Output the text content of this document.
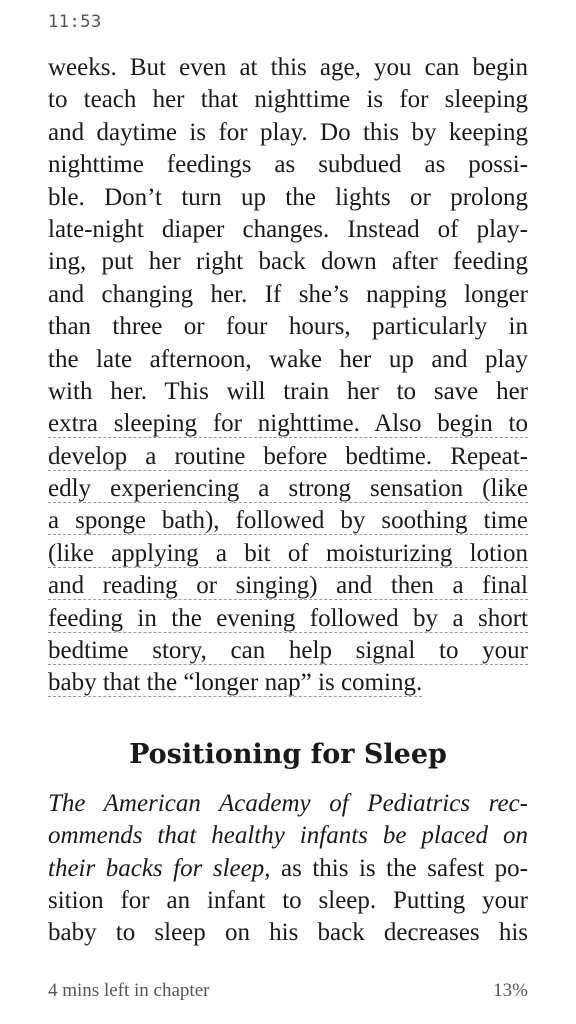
11:53
weeks. But even at this age, you can begin
to teach her that nighttime is for sleeping
and daytime is for play. Do this by keeping
nighttime feedings as subdued as possi-
ble. Don’t turn up the lights or prolong
late-night diaper changes. Instead of play-
ing, put her right back down after feeding
and changing her. If she’s napping longer
than three or four hours, particularly in
the late afternoon, wake her up and play
with her. This will train her to save her
extra sleeping for nighttime. Also begin to
develop a routine before bedtime. Repeat-
edly experiencing a strong sensation (like
a sponge bath), followed by soothing time
(like applying a bit of moisturizing lotion
and reading or singing) and then a final
feeding in the evening followed by a short
bedtime story, can help signal to your
baby that the “longer nap” is coming.
Positioning for Sleep
The American Academy of Pediatrics rec-
ommends that healthy infants be placed on
their backs for sleep, as this is the safest po-
sition for an infant to sleep. Putting your
baby to sleep on his back decreases his
4 mins left in chapter	13%
